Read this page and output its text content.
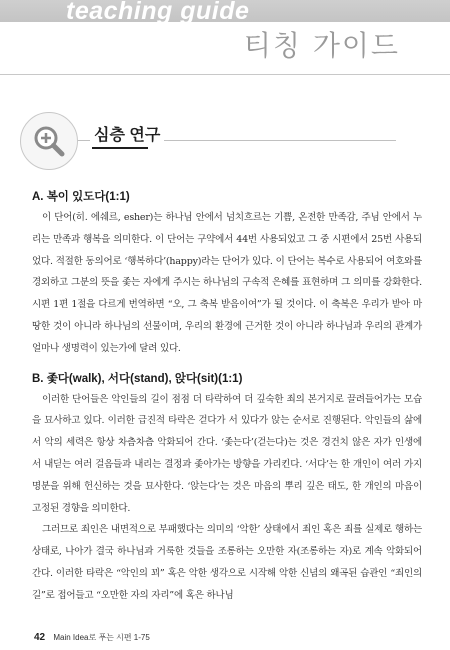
teaching guide
티칭 가이드
심층 연구
A. 복이 있도다(1:1)

이 단어(히. 에쉐르, esher)는 하나님 안에서 넘치흐르는 기쁨, 온전한 만족감, 주님 안에서 누리는 만족과 행복을 의미한다. 이 단어는 구약에서 44번 사용되었고 그 중 시편에서 25번 사용되었다. 적절한 동의어로 ‘행복하다’(happy)라는 단어가 있다. 이 단어는 복수로 사용되어 여호와를 경외하고 그분의 뜻을 좇는 자에게 주시는 하나님의 구속적 은혜를 표현하며 그 의미를 강화한다. 시편 1편 1절을 다르게 번역하면 “오, 그 축복 받음이여”가 될 것이다. 이 축복은 우리가 받아 마땅한 것이 아니라 하나님의 선물이며, 우리의 환경에 근거한 것이 아니라 하나님과 우리의 관계가 얼마나 생명력이 있는가에 달려 있다.

B. 좇다(walk), 서다(stand), 앉다(sit)(1:1)

이러한 단어들은 악인들의 길이 점점 더 타락하여 더 깊숙한 죄의 본거지로 끌려들어가는 모습을 묘사하고 있다. 이러한 급진적 타락은 걷다가 서 있다가 앉는 순서로 진행된다. 악인들의 삶에서 악의 세력은 항상 차츰차츰 악화되어 간다. ‘좇는다’(걷는다)는 것은 경건치 않은 자가 인생에서 내딛는 여러 걸음들과 내리는 결정과 좇아가는 방향을 가리킨다. ‘서다’는 한 개인이 여러 가지 명분을 위해 헌신하는 것을 묘사한다. ‘앉는다’는 것은 마음의 뿌리 깊은 태도, 한 개인의 마음이 고정된 경향을 의미한다.

그러므로 죄인은 내면적으로 부패했다는 의미의 ‘악한’ 상태에서 죄인 혹은 죄를 실제로 행하는 상태로, 나아가 결국 하나님과 거룩한 것들을 조롱하는 오만한 자(조롱하는 자)로 계속 악화되어 간다. 이러한 타락은 “악인의 꾀” 혹은 악한 생각으로 시작해 악한 신념의 왜곡된 습관인 “죄인의 길”로 접어들고 “오만한 자의 자리”에 혹은 하나님

42 Main Idea로 푸는 시편 1-75
